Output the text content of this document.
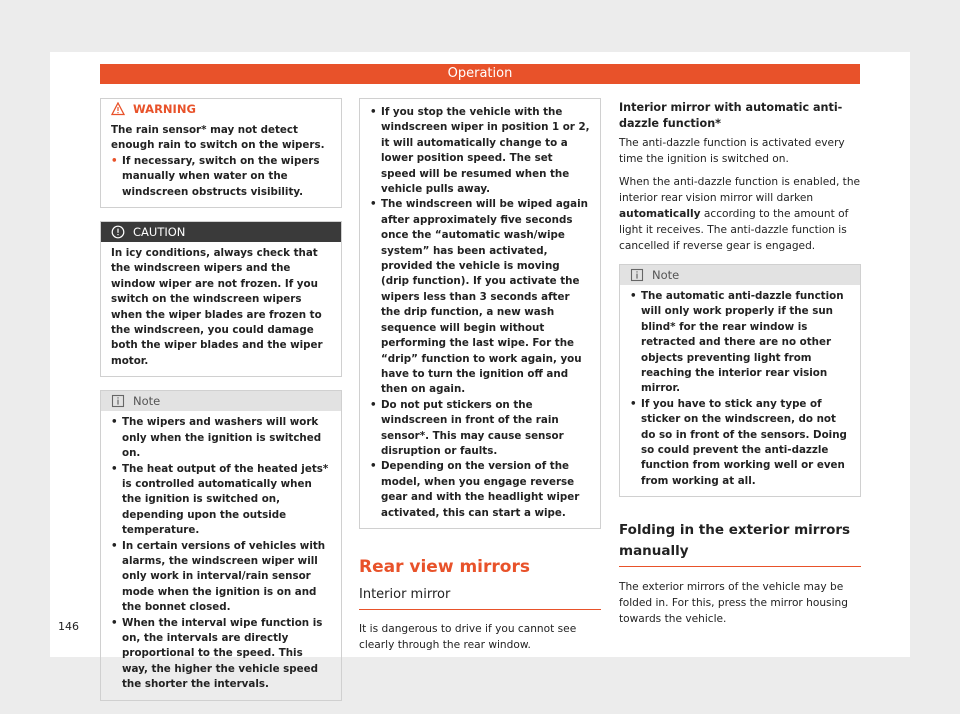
Operation
WARNING

The rain sensor* may not detect enough rain to switch on the wipers.

• If necessary, switch on the wipers manually when water on the windscreen obstructs visibility.
CAUTION

In icy conditions, always check that the windscreen wipers and the window wiper are not frozen. If you switch on the windscreen wipers when the wiper blades are frozen to the windscreen, you could damage both the wiper blades and the wiper motor.

Note
• The wipers and washers will work only when the ignition is switched on.
• The heat output of the heated jets* is controlled automatically when the ignition is switched on, depending upon the outside temperature.
• In certain versions of vehicles with alarms, the windscreen wiper will only work in interval/rain sensor mode when the ignition is on and the bonnet closed.
• When the interval wipe function is on, the intervals are directly proportional to the speed. This way, the higher the vehicle speed the shorter the intervals.
• If you stop the vehicle with the windscreen wiper in position 1 or 2, it will automatically change to a lower position speed. The set speed will be resumed when the vehicle pulls away.
• The windscreen will be wiped again after approximately five seconds once the “automatic wash/wipe system” has been activated, provided the vehicle is moving (drip function). If you activate the wipers less than 3 seconds after the drip function, a new wash sequence will begin without performing the last wipe. For the “drip” function to work again, you have to turn the ignition off and then on again.
• Do not put stickers on the windscreen in front of the rain sensor*. This may cause sensor disruption or faults.
• Depending on the version of the model, when you engage reverse gear and with the headlight wiper activated, this can start a wipe.
Rear view mirrors
Interior mirror

It is dangerous to drive if you cannot see clearly through the rear window.

Interior mirror with automatic anti-dazzle function*

The anti-dazzle function is activated every time the ignition is switched on.

When the anti-dazzle function is enabled, the interior rear vision mirror will darken automatically according to the amount of light it receives. The anti-dazzle function is cancelled if reverse gear is engaged.

Note
• The automatic anti-dazzle function will only work properly if the sun blind* for the rear window is retracted and there are no other objects preventing light from reaching the interior rear vision mirror.
• If you have to stick any type of sticker on the windscreen, do not do so in front of the sensors. Doing so could prevent the anti-dazzle function from working well or even from working at all.
Folding in the exterior mirrors manually

The exterior mirrors of the vehicle may be folded in. For this, press the mirror housing towards the vehicle.

146
